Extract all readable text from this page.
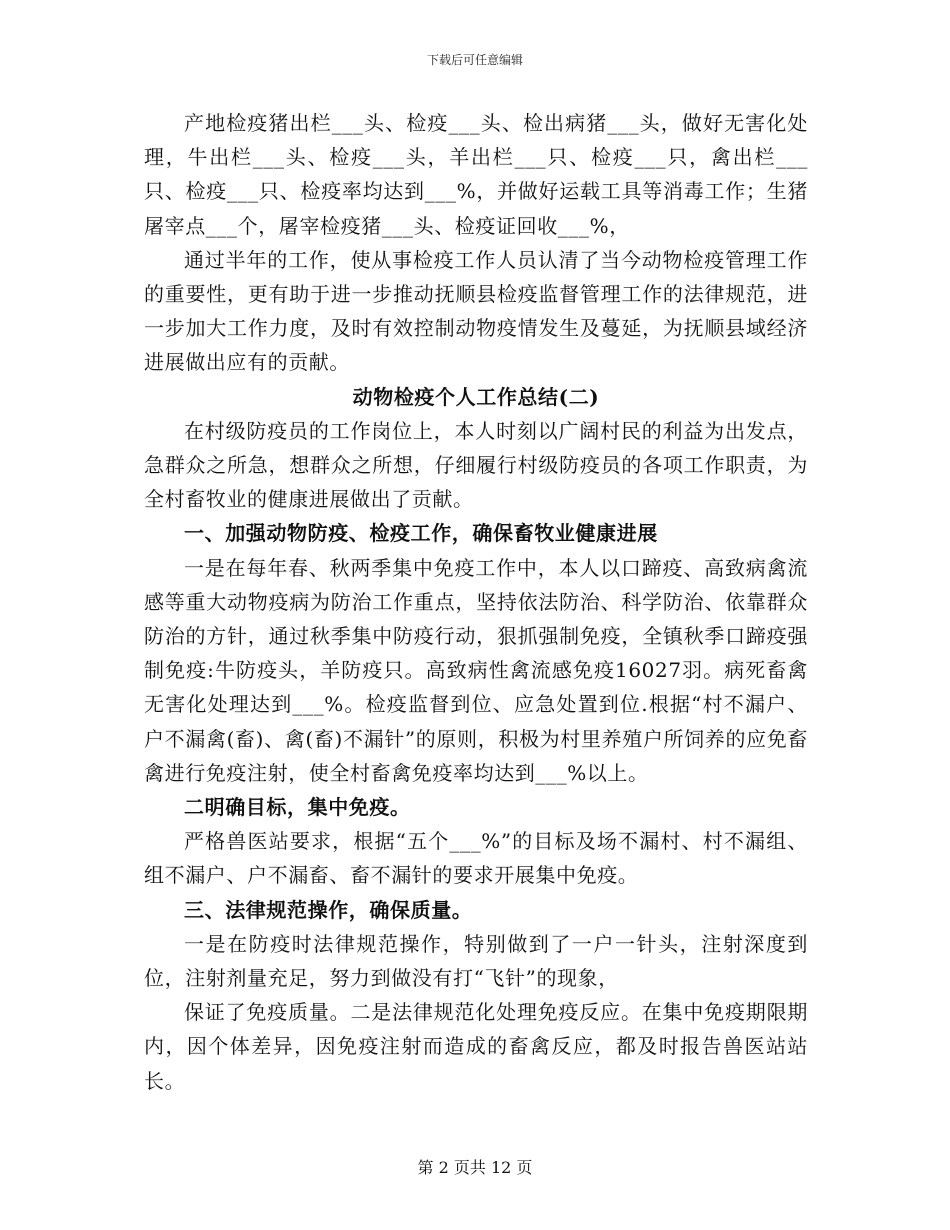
下载后可任意编辑

产地检疫猪出栏___头、检疫___头、检出病猪___头，做好无害化处理，牛出栏___头、检疫___头，羊出栏___只、检疫___只，禽出栏___只、检疫___只、检疫率均达到___%，并做好运载工具等消毒工作；生猪屠宰点___个，屠宰检疫猪___头、检疫证回收___%，

通过半年的工作，使从事检疫工作人员认清了当今动物检疫管理工作的重要性，更有助于进一步推动抚顺县检疫监督管理工作的法律规范，进一步加大工作力度，及时有效控制动物疫情发生及蔓延，为抚顺县域经济进展做出应有的贡献。

动物检疫个人工作总结(二)

在村级防疫员的工作岗位上，本人时刻以广阔村民的利益为出发点，急群众之所急，想群众之所想，仔细履行村级防疫员的各项工作职责，为全村畜牧业的健康进展做出了贡献。

一、加强动物防疫、检疫工作，确保畜牧业健康进展

一是在每年春、秋两季集中免疫工作中，本人以口蹄疫、高致病禽流感等重大动物疫病为防治工作重点，坚持依法防治、科学防治、依靠群众防治的方针，通过秋季集中防疫行动，狠抓强制免疫，全镇秋季口蹄疫强制免疫:牛防疫头，羊防疫只。高致病性禽流感免疫16027羽。病死畜禽无害化处理达到___%。检疫监督到位、应急处置到位.根据“村不漏户、户不漏禽(畜)、禽(畜)不漏针”的原则，积极为村里养殖户所饲养的应免畜禽进行免疫注射，使全村畜禽免疫率均达到___%以上。

二明确目标，集中免疫。

严格兽医站要求，根据“五个___%”的目标及场不漏村、村不漏组、组不漏户、户不漏畜、畜不漏针的要求开展集中免疫。

三、法律规范操作，确保质量。

一是在防疫时法律规范操作，特别做到了一户一针头，注射深度到位，注射剂量充足，努力到做没有打“飞针”的现象，

保证了免疫质量。二是法律规范化处理免疫反应。在集中免疫期限期内，因个体差异，因免疫注射而造成的畜禽反应，都及时报告兽医站站长。

第 2 页共 12 页
